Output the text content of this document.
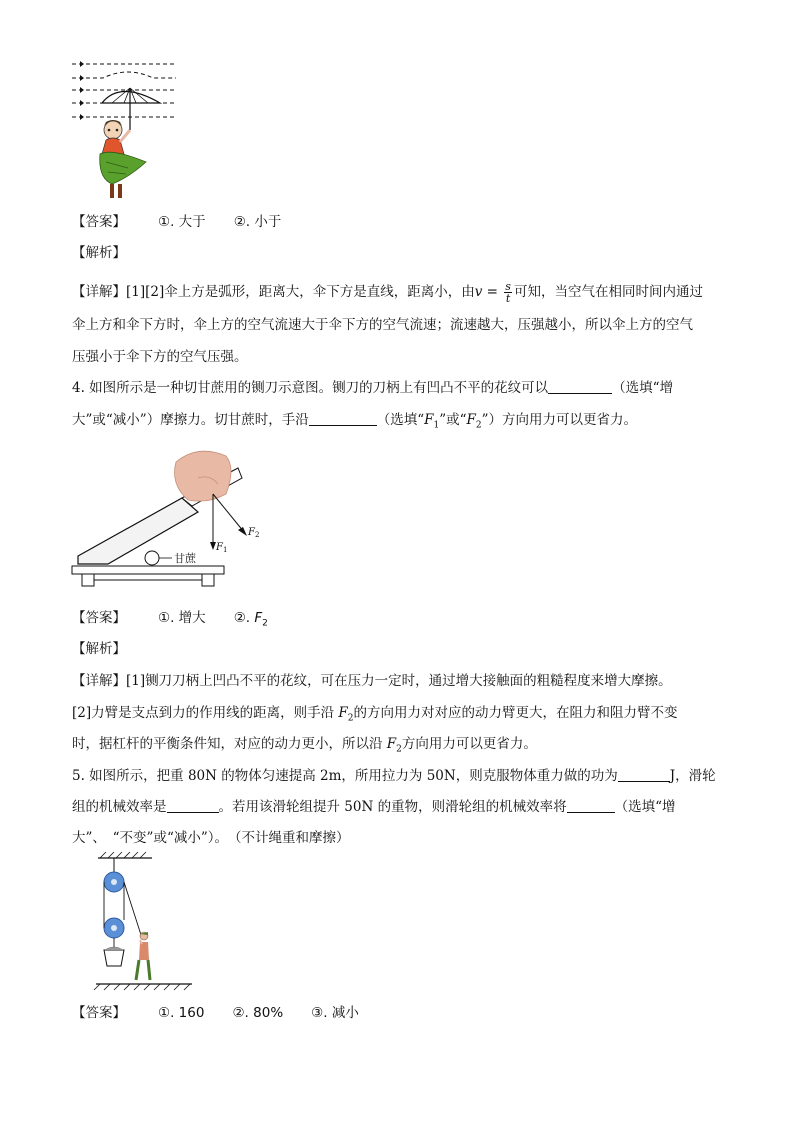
【答案】 ①. 大于 ②. 小于
【解析】
【详解】[1][2]伞上方是弧形，距离大，伞下方是直线，距离小，由$v = \frac{s}{t}$ 可知，当空气在相同时间内通过
伞上方和伞下方时，伞上方的空气流速大于伞下方的空气流速；流速越大，压强越小，所以伞上方的空气
压强小于伞下方的空气压强。
4. 如图所示是一种切甘蔗用的铡刀示意图。铡刀的刀柄上有凹凸不平的花纹可以	（选填“增
大”或“减小”）摩擦力。切甘蔗时，手沿	（选填“$F_1$”或“$F_2$”）方向用力可以更省力。
甘蔗
$F_1$
$F_2$
【答案】 ①. 增大 ②. $F_2$
【解析】
【详解】[1]铡刀刀柄上凹凸不平的花纹，可在压力一定时，通过增大接触面的粗糙程度来增大摩擦。
[2]力臂是支点到力的作用线的距离，则手沿 $F_2$的方向用力对对应的动力臂更大，在阻力和阻力臂不变
时，据杠杆的平衡条件知，对应的动力更小，所以沿 $F_2$方向用力可以更省力。
5. 如图所示，把重 80N 的物体匀速提高 2m，所用拉力为 50N，则克服物体重力做的功为	J，滑轮
组的机械效率是	。若用该滑轮组提升 50N 的重物，则滑轮组的机械效率将	（选填“增
大”、　“不变”或“减小”）。　（不计绳重和摩擦）
【答案】 ①. 160 ②. 80% ③. 减小
